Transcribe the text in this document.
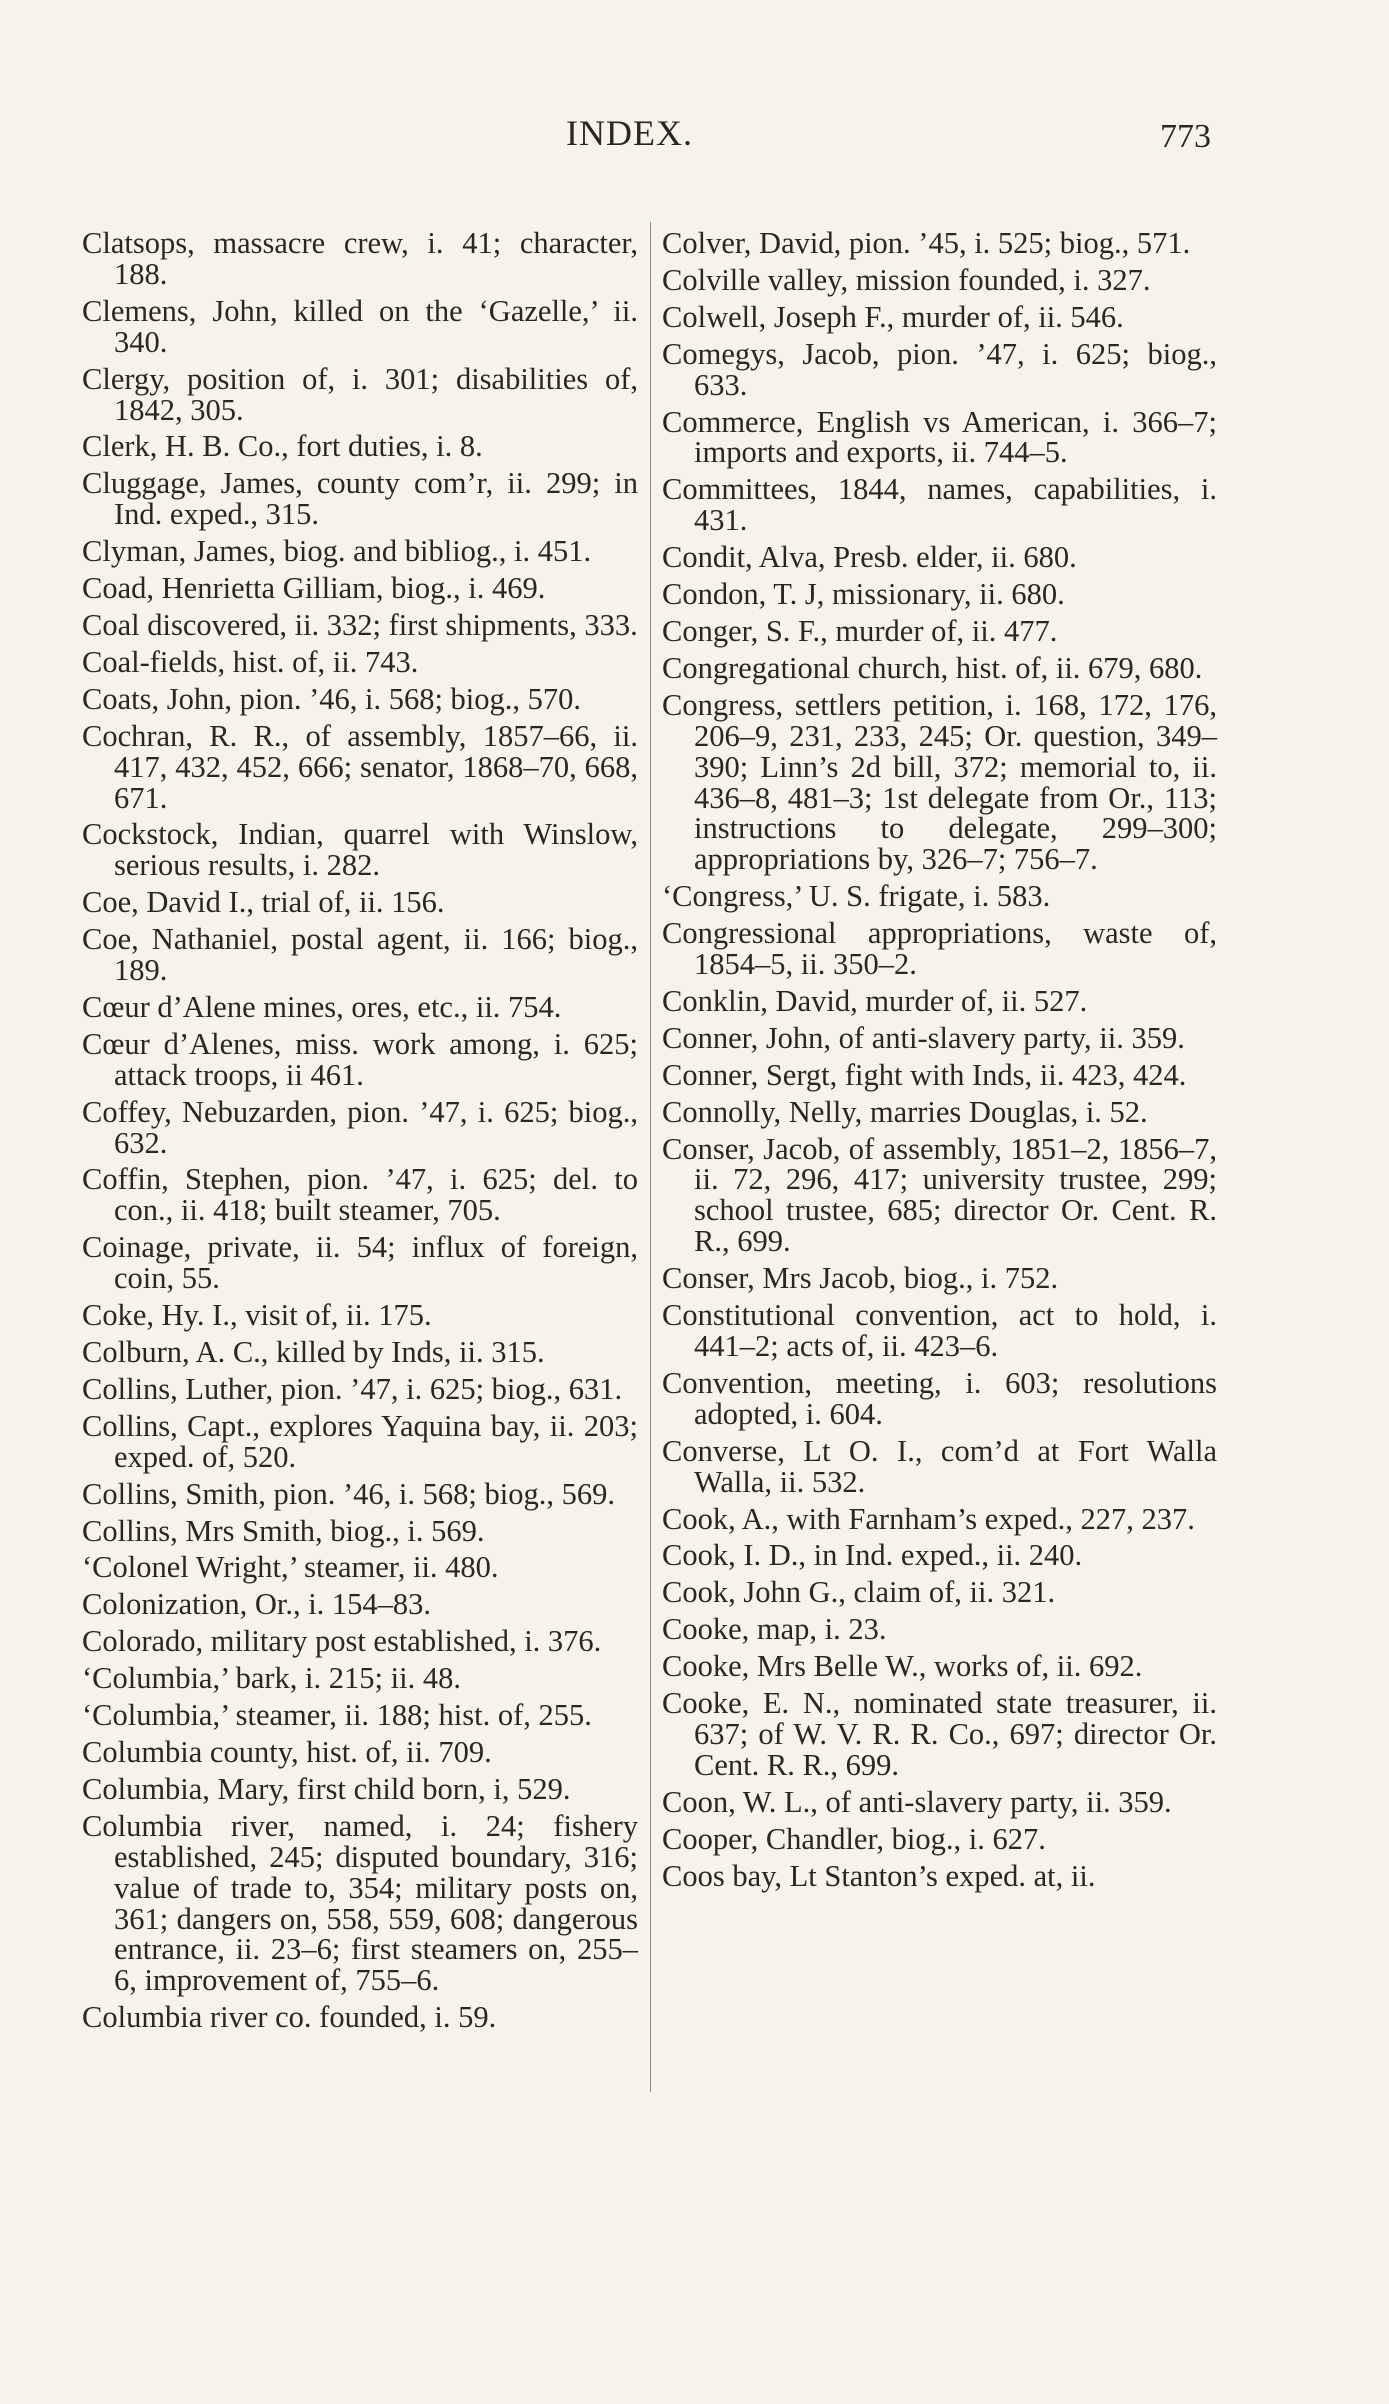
INDEX.	773

Clatsops, massacre crew, i. 41; character, 188.

Clemens, John, killed on the ‘Gazelle,’ ii. 340.

Clergy, position of, i. 301; disabilities of, 1842, 305.

Clerk, H. B. Co., fort duties, i. 8.

Cluggage, James, county com’r, ii. 299; in Ind. exped., 315.

Clyman, James, biog. and bibliog., i. 451.

Coad, Henrietta Gilliam, biog., i. 469.

Coal discovered, ii. 332; first shipments, 333.

Coal-fields, hist. of, ii. 743.

Coats, John, pion. ’46, i. 568; biog., 570.

Cochran, R. R., of assembly, 1857–66, ii. 417, 432, 452, 666; senator, 1868–70, 668, 671.

Cockstock, Indian, quarrel with Winslow, serious results, i. 282.

Coe, David I., trial of, ii. 156.

Coe, Nathaniel, postal agent, ii. 166; biog., 189.

Cœur d’Alene mines, ores, etc., ii. 754.

Cœur d’Alenes, miss. work among, i. 625; attack troops, ii 461.

Coffey, Nebuzarden, pion. ’47, i. 625; biog., 632.

Coffin, Stephen, pion. ’47, i. 625; del. to con., ii. 418; built steamer, 705.

Coinage, private, ii. 54; influx of foreign, coin, 55.

Coke, Hy. I., visit of, ii. 175.

Colburn, A. C., killed by Inds, ii. 315.

Collins, Luther, pion. ’47, i. 625; biog., 631.

Collins, Capt., explores Yaquina bay, ii. 203; exped. of, 520.

Collins, Smith, pion. ’46, i. 568; biog., 569.

Collins, Mrs Smith, biog., i. 569.

‘Colonel Wright,’ steamer, ii. 480.

Colonization, Or., i. 154–83.

Colorado, military post established, i. 376.

‘Columbia,’ bark, i. 215; ii. 48.

‘Columbia,’ steamer, ii. 188; hist. of, 255.

Columbia county, hist. of, ii. 709.

Columbia, Mary, first child born, i, 529.

Columbia river, named, i. 24; fishery established, 245; disputed boundary, 316; value of trade to, 354; military posts on, 361; dangers on, 558, 559, 608; dangerous entrance, ii. 23–6; first steamers on, 255–6, improvement of, 755–6.

Columbia river co. founded, i. 59.

Colver, David, pion. ’45, i. 525; biog., 571.

Colville valley, mission founded, i. 327.

Colwell, Joseph F., murder of, ii. 546.

Comegys, Jacob, pion. ’47, i. 625; biog., 633.

Commerce, English vs American, i. 366–7; imports and exports, ii. 744–5.

Committees, 1844, names, capabilities, i. 431.

Condit, Alva, Presb. elder, ii. 680.

Condon, T. J, missionary, ii. 680.

Conger, S. F., murder of, ii. 477.

Congregational church, hist. of, ii. 679, 680.

Congress, settlers petition, i. 168, 172, 176, 206–9, 231, 233, 245; Or. question, 349–390; Linn’s 2d bill, 372; memorial to, ii. 436–8, 481–3; 1st delegate from Or., 113; instructions to delegate, 299–300; appropriations by, 326–7; 756–7.

‘Congress,’ U. S. frigate, i. 583.

Congressional appropriations, waste of, 1854–5, ii. 350–2.

Conklin, David, murder of, ii. 527.

Conner, John, of anti-slavery party, ii. 359.

Conner, Sergt, fight with Inds, ii. 423, 424.

Connolly, Nelly, marries Douglas, i. 52.

Conser, Jacob, of assembly, 1851–2, 1856–7, ii. 72, 296, 417; university trustee, 299; school trustee, 685; director Or. Cent. R. R., 699.

Conser, Mrs Jacob, biog., i. 752.

Constitutional convention, act to hold, i. 441–2; acts of, ii. 423–6.

Convention, meeting, i. 603; resolutions adopted, i. 604.

Converse, Lt O. I., com’d at Fort Walla Walla, ii. 532.

Cook, A., with Farnham’s exped., 227, 237.

Cook, I. D., in Ind. exped., ii. 240.

Cook, John G., claim of, ii. 321.

Cooke, map, i. 23.

Cooke, Mrs Belle W., works of, ii. 692.

Cooke, E. N., nominated state treasurer, ii. 637; of W. V. R. R. Co., 697; director Or. Cent. R. R., 699.

Coon, W. L., of anti-slavery party, ii. 359.

Cooper, Chandler, biog., i. 627.

Coos bay, Lt Stanton’s exped. at, ii.
